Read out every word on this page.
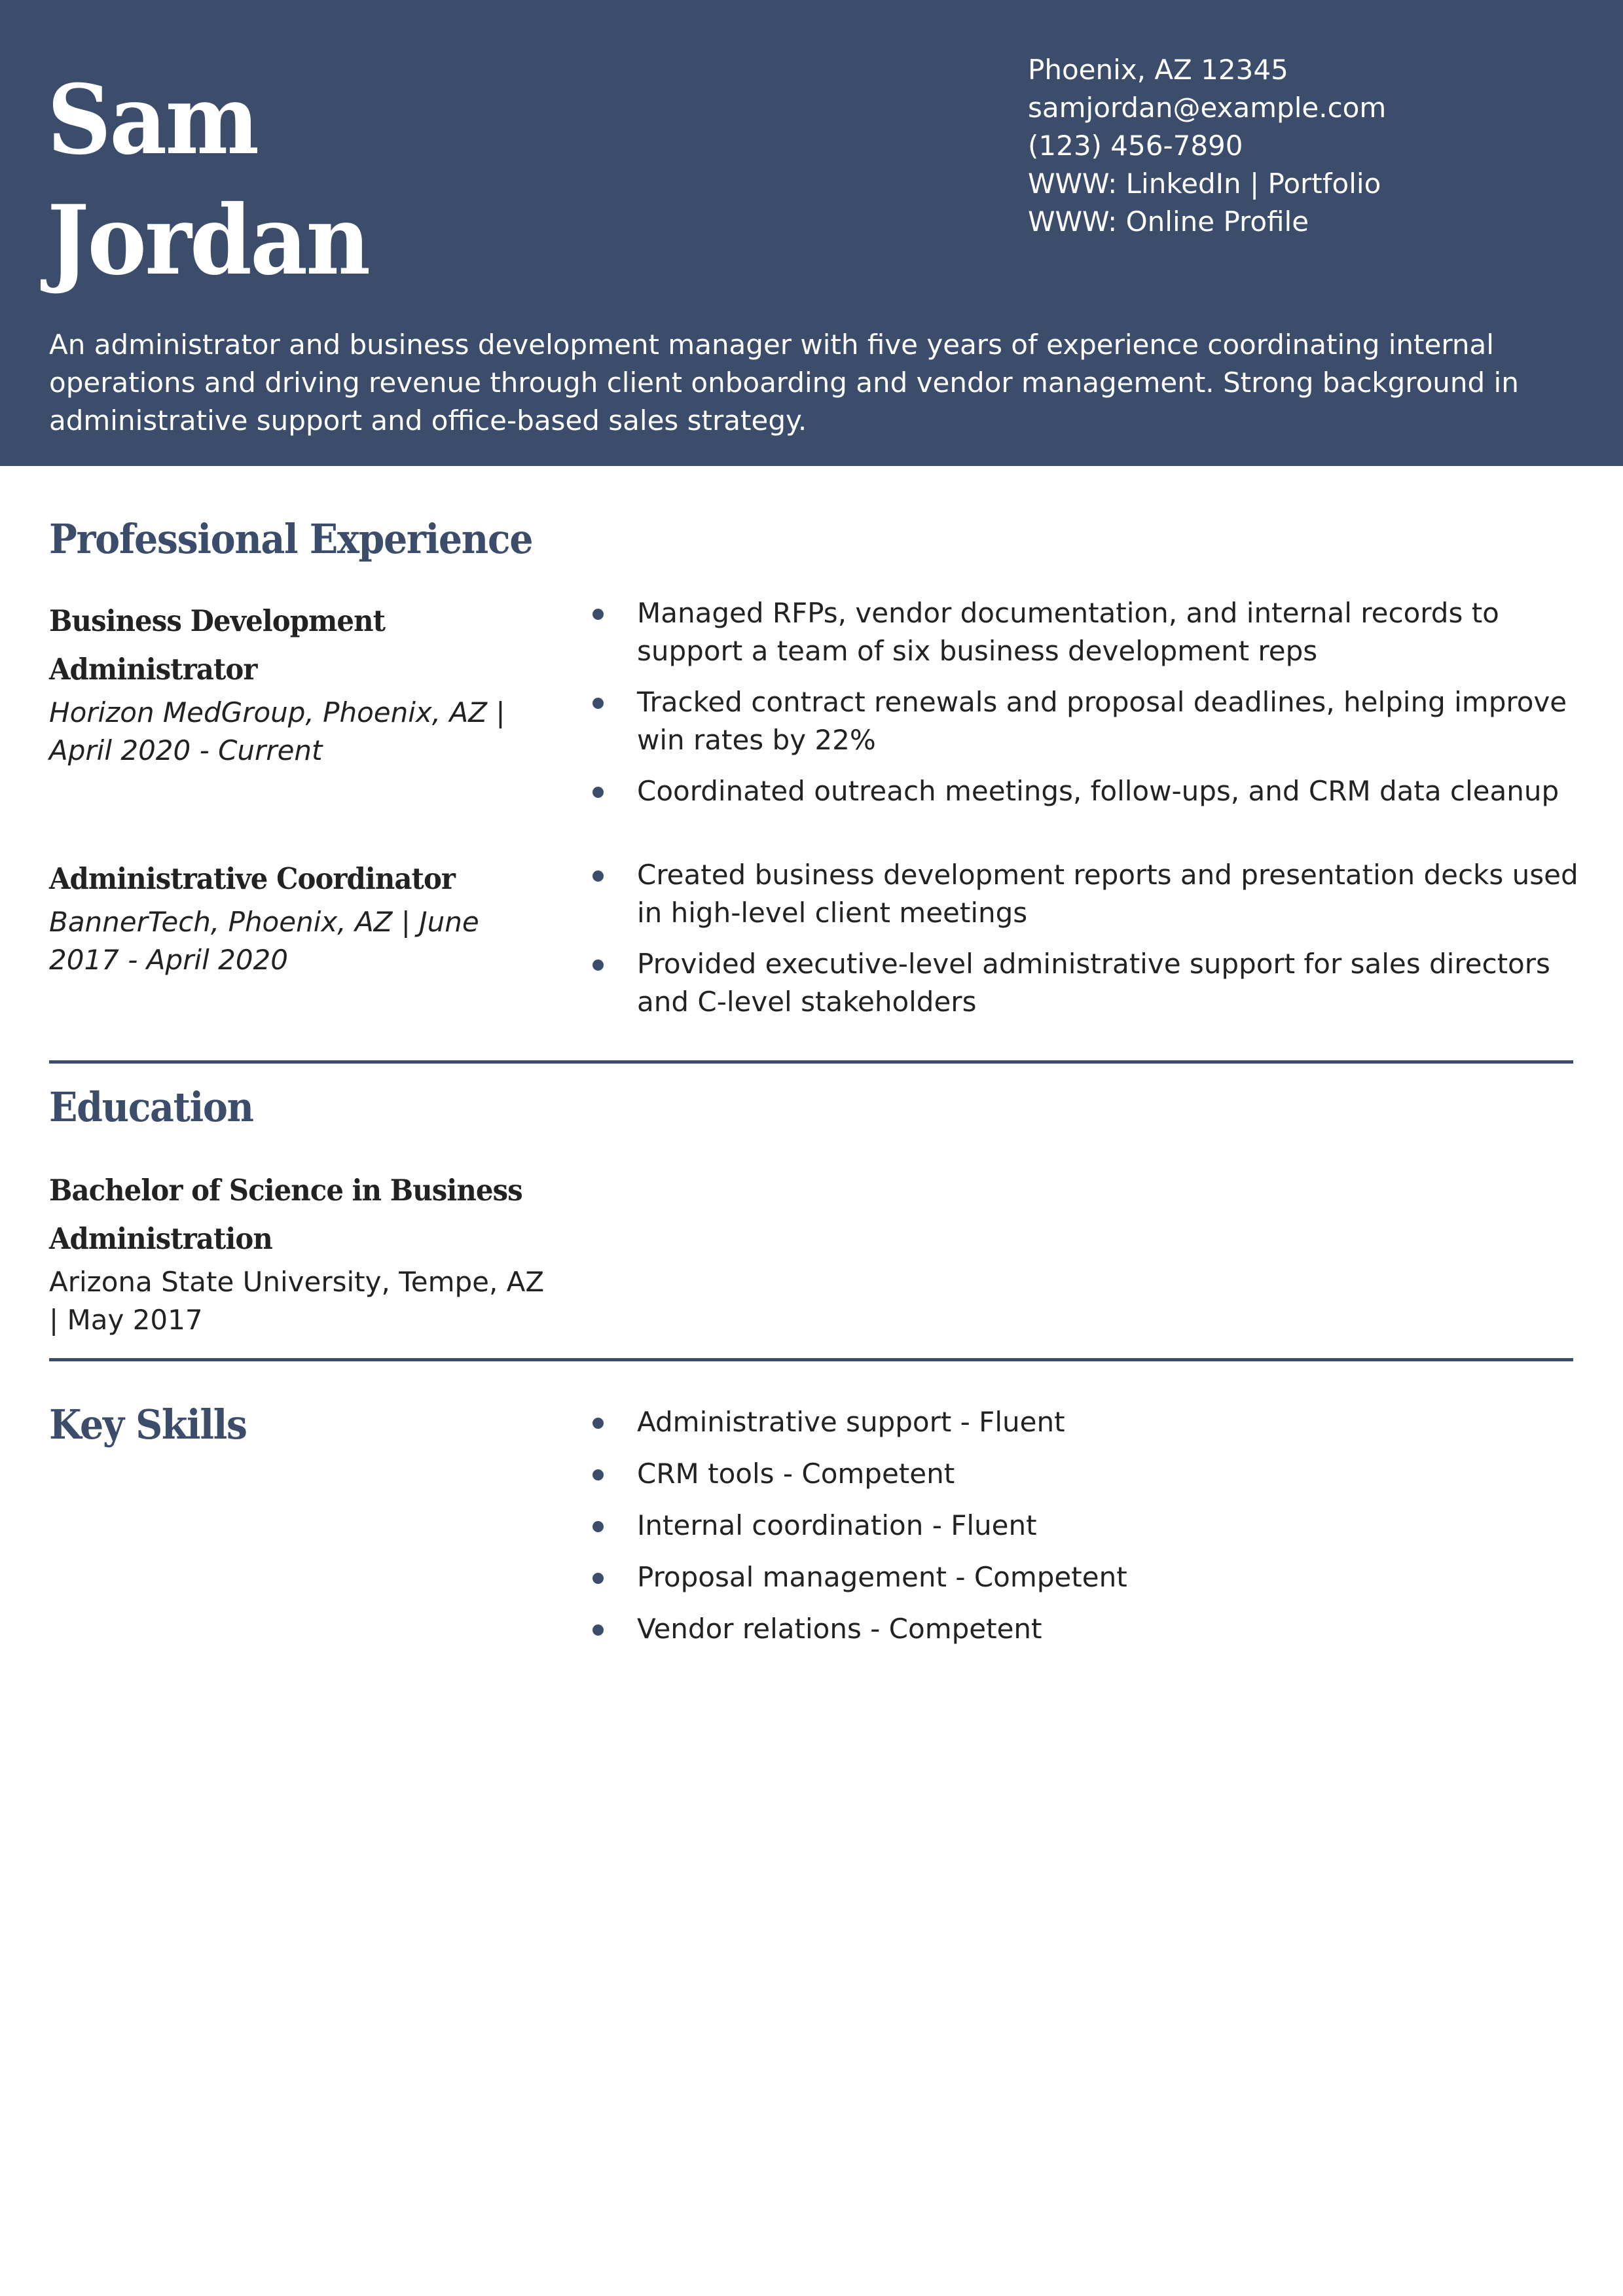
Sam
Jordan
Phoenix, AZ 12345
samjordan@example.com
(123) 456-7890
WWW: LinkedIn | Portfolio
WWW: Online Profile
An administrator and business development manager with five years of experience coordinating internal operations and driving revenue through client onboarding and vendor management. Strong background in administrative support and office-based sales strategy.
Professional Experience
Business Development Administrator
Horizon MedGroup, Phoenix, AZ | April 2020 - Current
Managed RFPs, vendor documentation, and internal records to support a team of six business development reps
Tracked contract renewals and proposal deadlines, helping improve win rates by 22%
Coordinated outreach meetings, follow-ups, and CRM data cleanup
Administrative Coordinator
BannerTech, Phoenix, AZ | June 2017 - April 2020
Created business development reports and presentation decks used in high-level client meetings
Provided executive-level administrative support for sales directors and C-level stakeholders
Education
Bachelor of Science in Business Administration
Arizona State University, Tempe, AZ | May 2017
Key Skills	Administrative support - Fluent
CRM tools - Competent
Internal coordination - Fluent
Proposal management - Competent
Vendor relations - Competent
